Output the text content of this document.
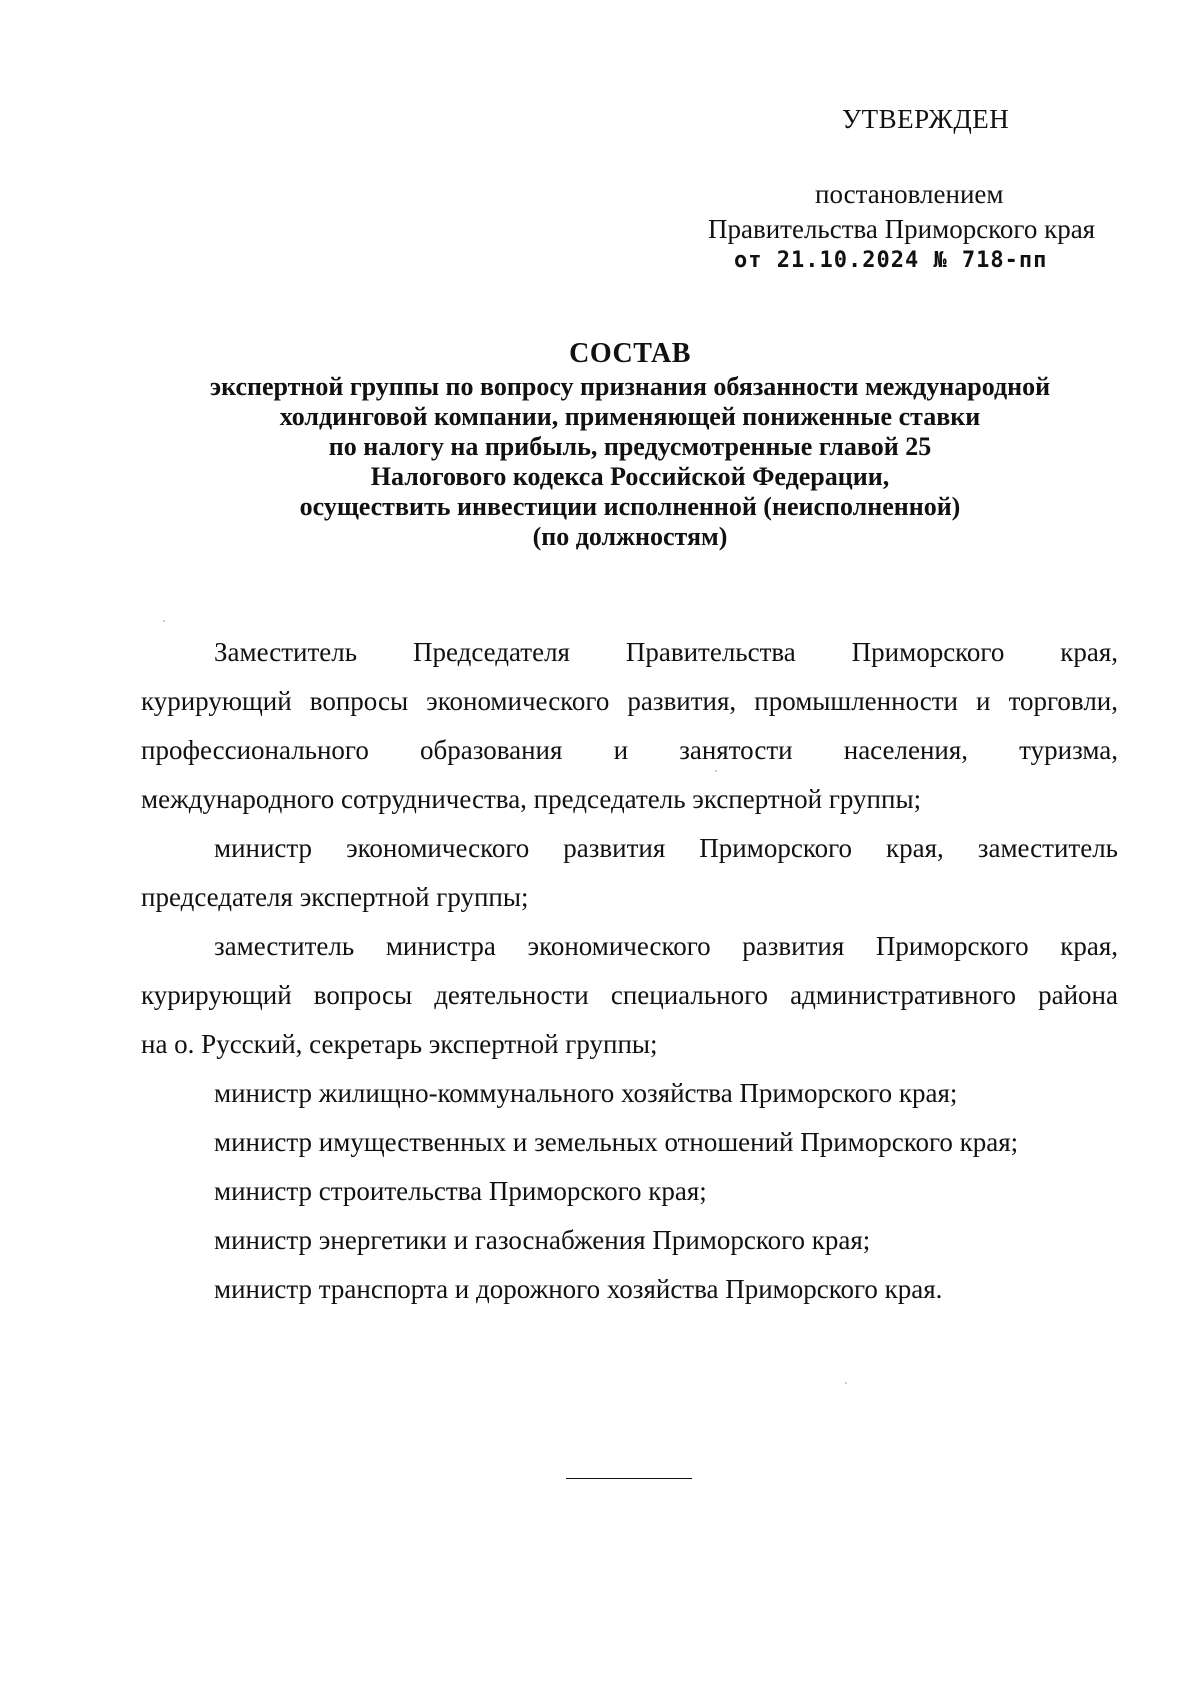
УТВЕРЖДЕН
постановлением
Правительства Приморского края
от 21.10.2024 № 718-пп
СОСТАВ
экспертной группы по вопросу признания обязанности международной
холдинговой компании, применяющей пониженные ставки
по налогу на прибыль, предусмотренные главой 25
Налогового кодекса Российской Федерации,
осуществить инвестиции исполненной (неисполненной)
(по должностям)
Заместитель Председателя Правительства Приморского края,
курирующий вопросы экономического развития, промышленности и торговли,
профессионального образования и занятости населения, туризма,
международного сотрудничества, председатель экспертной группы;
министр экономического развития Приморского края, заместитель
председателя экспертной группы;
заместитель министра экономического развития Приморского края,
курирующий вопросы деятельности специального административного района
на о. Русский, секретарь экспертной группы;
министр жилищно-коммунального хозяйства Приморского края;
министр имущественных и земельных отношений Приморского края;
министр строительства Приморского края;
министр энергетики и газоснабжения Приморского края;
министр транспорта и дорожного хозяйства Приморского края.
